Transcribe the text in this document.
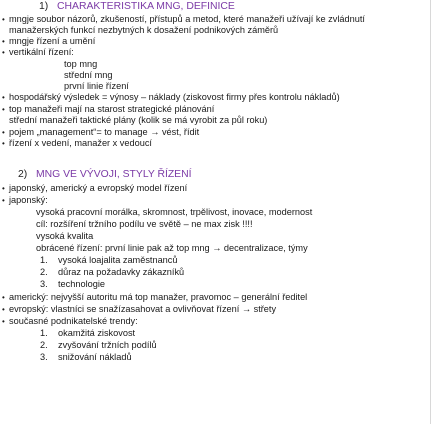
1) CHARAKTERISTIKA MNG, DEFINICE
• mngje soubor názorů, zkušeností, přístupů a metod, které manažeři užívají ke zvládnutí
manažerských funkcí nezbytných k dosažení podnikových záměrů
• mngje řízení a umění
• vertikální řízení:
top mng
střední mng
první linie řízení
• hospodářský výsledek = výnosy – náklady (ziskovost firmy přes kontrolu nákladů)
• top manažeři mají na starost strategické plánování
střední manažeři taktické plány (kolik se má vyrobit za půl roku)
• pojem „management“= to manage → vést, řídit
• řízení x vedení, manažer x vedoucí
2) MNG VE VÝVOJI, STYLY ŘÍZENÍ
• japonský, americký a evropský model řízení
• japonský:
vysoká pracovní morálka, skromnost, trpělivost, inovace, modernost
cíl: rozšíření tržního podílu ve světě – ne max zisk !!!!
vysoká kvalita
obrácené řízení: první linie pak až top mng → decentralizace, týmy
1. vysoká loajalita zaměstnanců
2. důraz na požadavky zákazníků
3. technologie
• americký: nejvyšší autoritu má top manažer, pravomoc – generální ředitel
• evropský: vlastníci se snažízasahovat a ovlivňovat řízení → střety
• současné podnikatelské trendy:
1. okamžitá ziskovost
2. zvyšování tržních podílů
3. snižování nákladů
